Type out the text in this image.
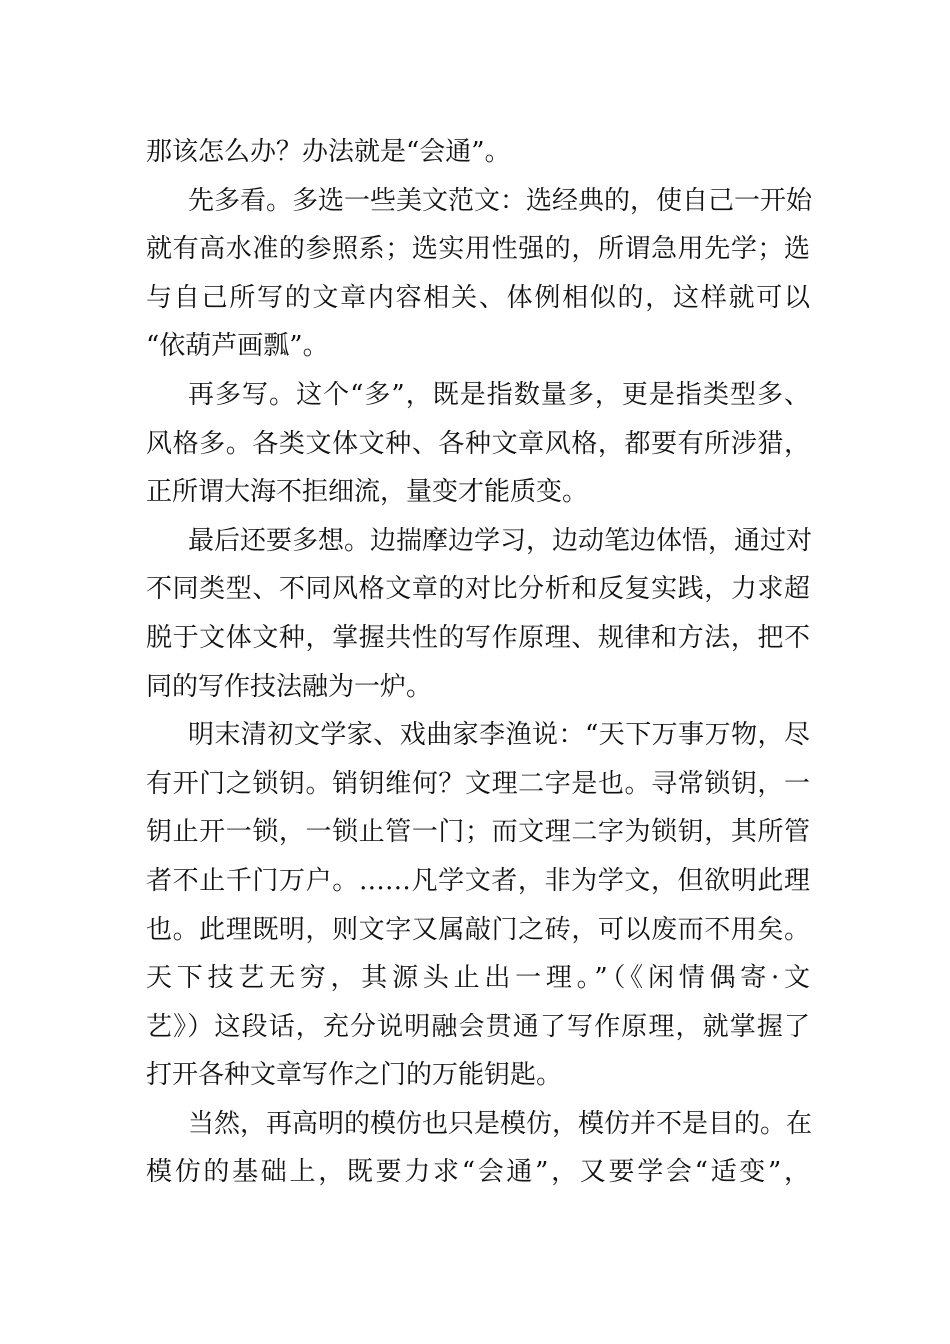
那该怎么办？办法就是“会通”。
先多看。多选一些美文范文：选经典的，使自己一开始
就有高水准的参照系；选实用性强的，所谓急用先学；选
与自己所写的文章内容相关、体例相似的，这样就可以
“依葫芦画瓢”。
再多写。这个“多”，既是指数量多，更是指类型多、
风格多。各类文体文种、各种文章风格，都要有所涉猎，
正所谓大海不拒细流，量变才能质变。
最后还要多想。边揣摩边学习，边动笔边体悟，通过对
不同类型、不同风格文章的对比分析和反复实践，力求超
脱于文体文种，掌握共性的写作原理、规律和方法，把不
同的写作技法融为一炉。
明末清初文学家、戏曲家李渔说：“天下万事万物，尽
有开门之锁钥。销钥维何？文理二字是也。寻常锁钥，一
钥止开一锁，一锁止管一门；而文理二字为锁钥，其所管
者不止千门万户。……凡学文者，非为学文，但欲明此理
也。此理既明，则文字又属敲门之砖，可以废而不用矣。
天下技艺无穷，其源头止出一理。”（《闲情偶寄·文
艺》）这段话，充分说明融会贯通了写作原理，就掌握了
打开各种文章写作之门的万能钥匙。
当然，再高明的模仿也只是模仿，模仿并不是目的。在
模仿的基础上，既要力求“会通”，又要学会“适变”，
